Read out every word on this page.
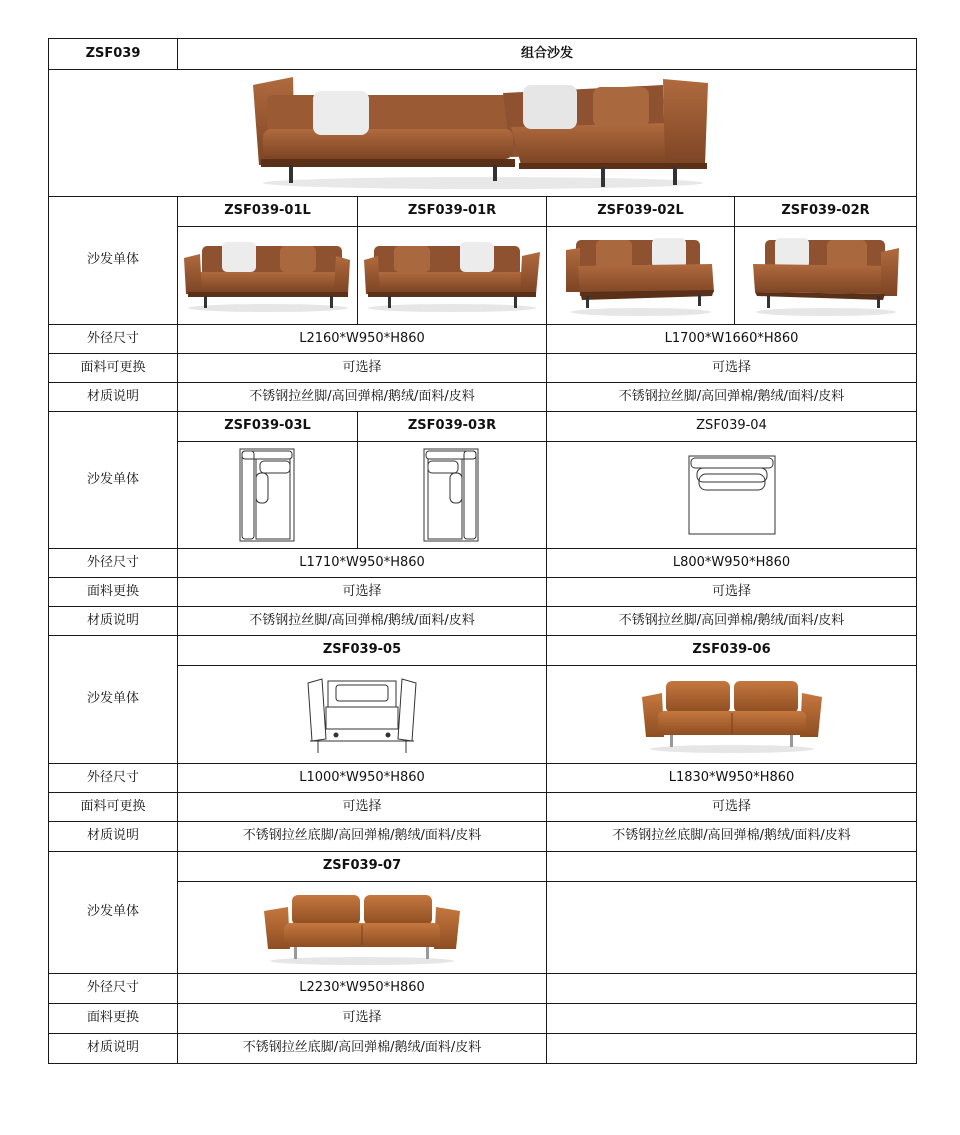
ZSF039	组合沙发			

沙发单体	ZSF039-01L	ZSF039-01R	ZSF039-02L	ZSF039-02R

外径尺寸	L2160*W950*H860		L1700*W1660*H860	
面料可更换	可选择		可选择	
材质说明	不锈钢拉丝脚/高回弹棉/鹅绒/面料/皮料		不锈钢拉丝脚/高回弹棉/鹅绒/面料/皮料	
沙发单体	ZSF039-03L	ZSF039-03R	ZSF039-04	

外径尺寸	L1710*W950*H860		L800*W950*H860	
面料更换	可选择		可选择	
材质说明	不锈钢拉丝脚/高回弹棉/鹅绒/面料/皮料		不锈钢拉丝脚/高回弹棉/鹅绒/面料/皮料	
沙发单体	ZSF039-05		ZSF039-06	

外径尺寸	L1000*W950*H860		L1830*W950*H860	
面料可更换	可选择		可选择	
材质说明	不锈钢拉丝底脚/高回弹棉/鹅绒/面料/皮料		不锈钢拉丝底脚/高回弹棉/鹅绒/面料/皮料	
沙发单体	ZSF039-07			

外径尺寸	L2230*W950*H860			
面料更换	可选择			
材质说明	不锈钢拉丝底脚/高回弹棉/鹅绒/面料/皮料			
